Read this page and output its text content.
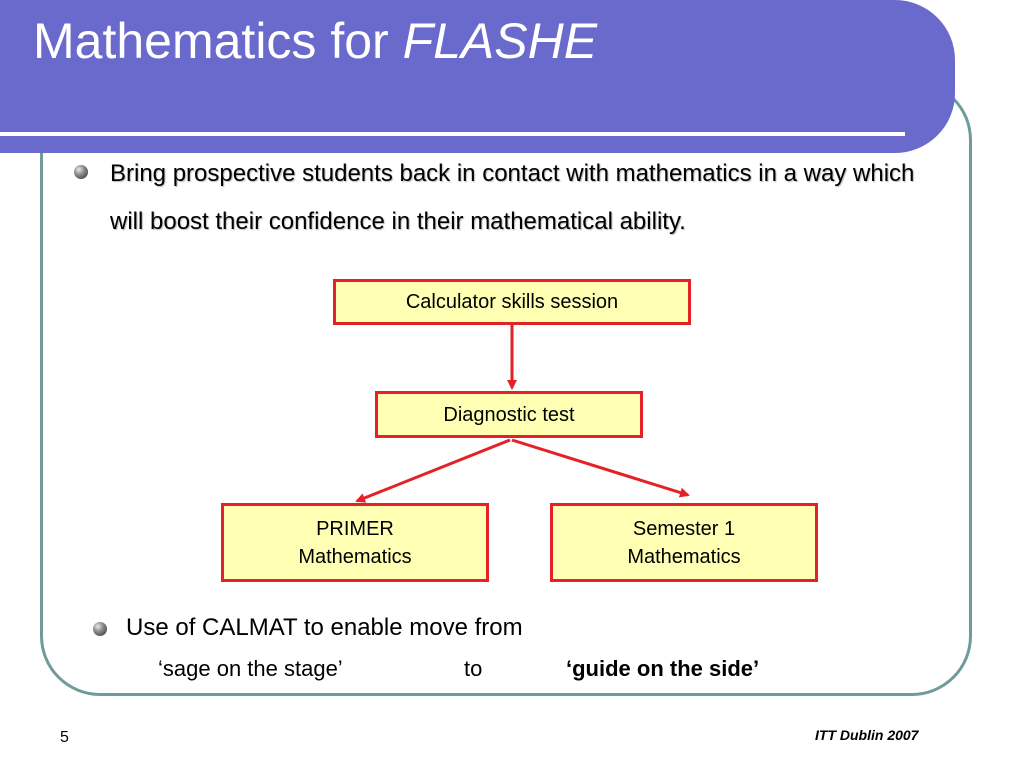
Mathematics for FLASHE
Bring prospective students back in contact with mathematics in a way which will boost their confidence in their mathematical ability.
Calculator skills session
Diagnostic test
PRIMER
Mathematics
Semester 1
Mathematics
Use of CALMAT to enable move from
‘sage on the stage’	to	‘guide on the side’
5	ITT Dublin 2007
